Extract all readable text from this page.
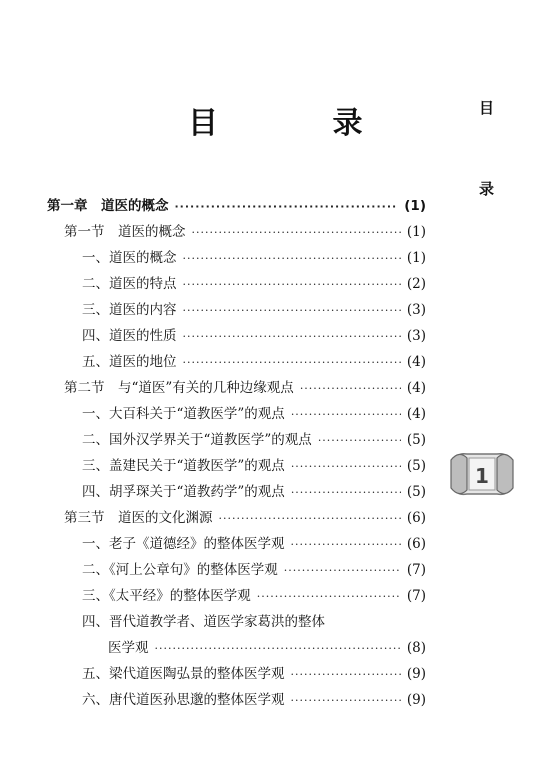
目 录	目
录
第一章　道医的概念 ·····	(1)
第一节　道医的概念 ·····	(1)
一、道医的概念 ·····	(1)
二、道医的特点 ·····	(2)
三、道医的内容 ·····	(3)
四、道医的性质 ·····	(3)
五、道医的地位 ·····	(4)
第二节　与“道医”有关的几种边缘观点 ·····	(4)
一、大百科关于“道教医学”的观点 ·····	(4)
二、国外汉学界关于“道教医学”的观点 ·····	(5)
三、盖建民关于“道教医学”的观点 ·····	(5)
四、胡孚琛关于“道教药学”的观点 ·····	(5)
第三节　道医的文化渊源 ·····	(6)
一、老子《道德经》的整体医学观 ·····	(6)
二、《河上公章句》的整体医学观 ·····	(7)
三、《太平经》的整体医学观 ·····	(7)
四、晋代道教学者、道医学家葛洪的整体
医学观 ·····	(8)
五、梁代道医陶弘景的整体医学观 ·····	(9)
六、唐代道医孙思邈的整体医学观 ·····	(9)
1
